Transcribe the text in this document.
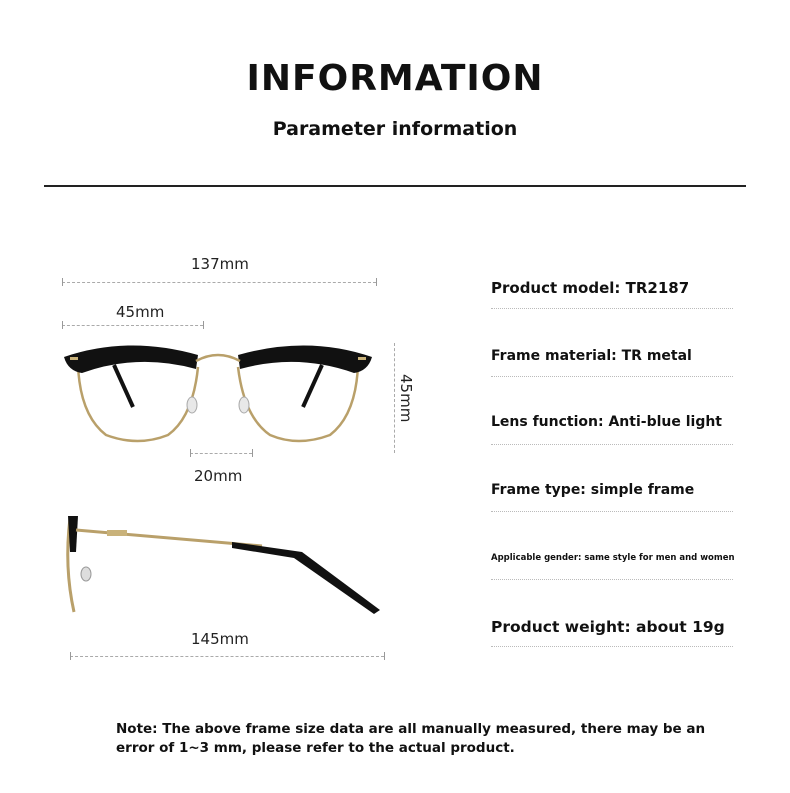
INFORMATION
Parameter information
137mm
45mm
45mm
20mm
145mm
Product model: TR2187
Frame material: TR metal
Lens function: Anti-blue light
Frame type: simple frame
Applicable gender: same style for men and women
Product weight: about 19g
Note: The above frame size data are all manually measured, there may be an error of 1~3 mm, please refer to the actual product.
